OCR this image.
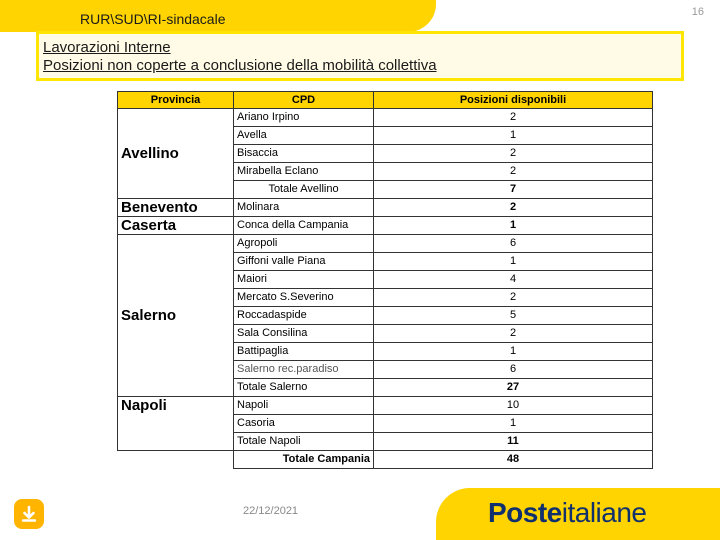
RUR\SUD\RI-sindacale	16
Lavorazioni Interne
Posizioni non coperte a conclusione della mobilità collettiva
Provincia	CPD	Posizioni disponibili
Avellino	Ariano Irpino	2
	Avella	1
	Bisaccia	2
	Mirabella Eclano	2
	Totale Avellino	7
Benevento	Molinara	2
Caserta	Conca della Campania	1
Salerno	Agropoli	6
	Giffoni valle Piana	1
	Maiori	4
	Mercato S.Severino	2
	Roccadaspide	5
	Sala Consilina	2
	Battipaglia	1
	Salerno rec.paradiso	6
	Totale Salerno	27
Napoli	Napoli	10
	Casoria	1
	Totale Napoli	11
	Totale Campania	48
22/12/2021	Posteitaliane
